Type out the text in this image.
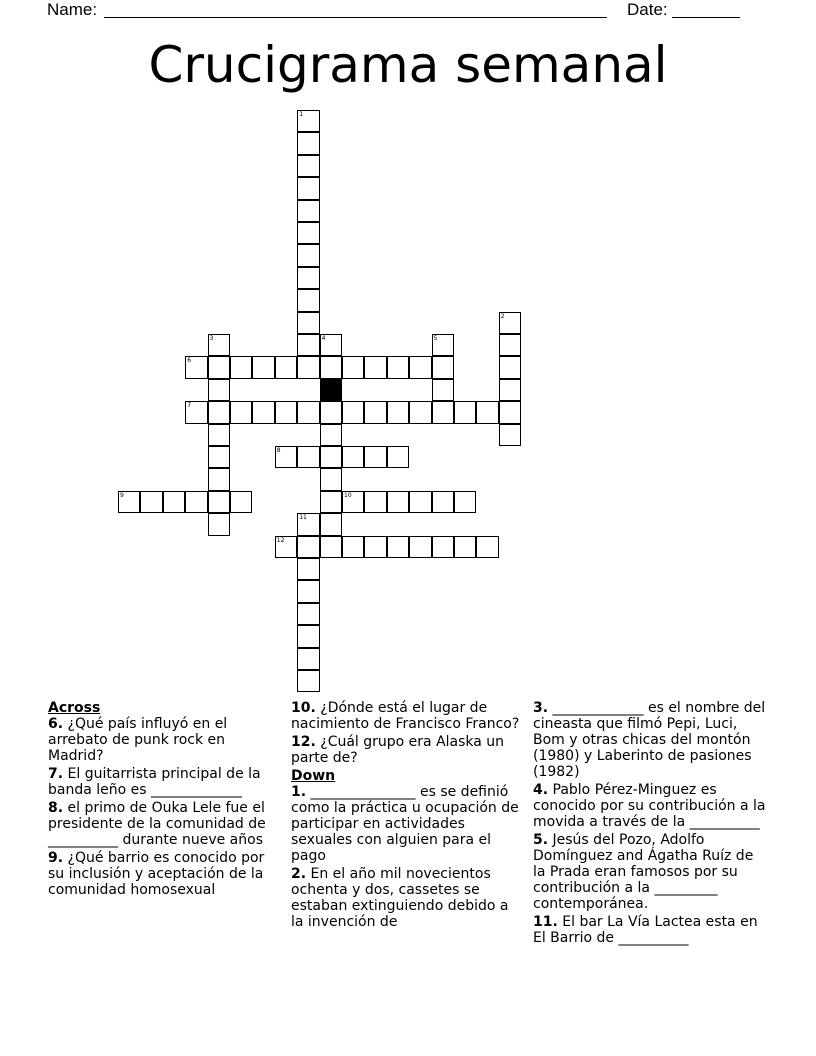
Name:	Date:
Crucigrama semanal
1
2
3	4	5
6
7
8
9	10
11
12
Across
6. ¿Qué país influyó en el arrebato de punk rock en Madrid?
7. El guitarrista principal de la banda leño es _____________
8. el primo de Ouka Lele fue el presidente de la comunidad de __________ durante nueve años
9. ¿Qué barrio es conocido por su inclusión y aceptación de la comunidad homosexual
10. ¿Dónde está el lugar de nacimiento de Francisco Franco?
12. ¿Cuál grupo era Alaska un parte de?
Down
1. _______________ es se definió como la práctica u ocupación de participar en actividades sexuales con alguien para el pago
2. En el año mil novecientos ochenta y dos, cassetes se estaban extinguiendo debido a la invención de
3. _____________ es el nombre del cineasta que filmó Pepi, Luci, Bom y otras chicas del montón (1980) y Laberinto de pasiones (1982)
4. Pablo Pérez-Minguez es conocido por su contribución a la movida a través de la __________
5. Jesús del Pozo, Adolfo Domínguez and Ágatha Ruíz de la Prada eran famosos por su contribución a la _________ contemporánea.
11. El bar La Vía Lactea esta en El Barrio de __________
